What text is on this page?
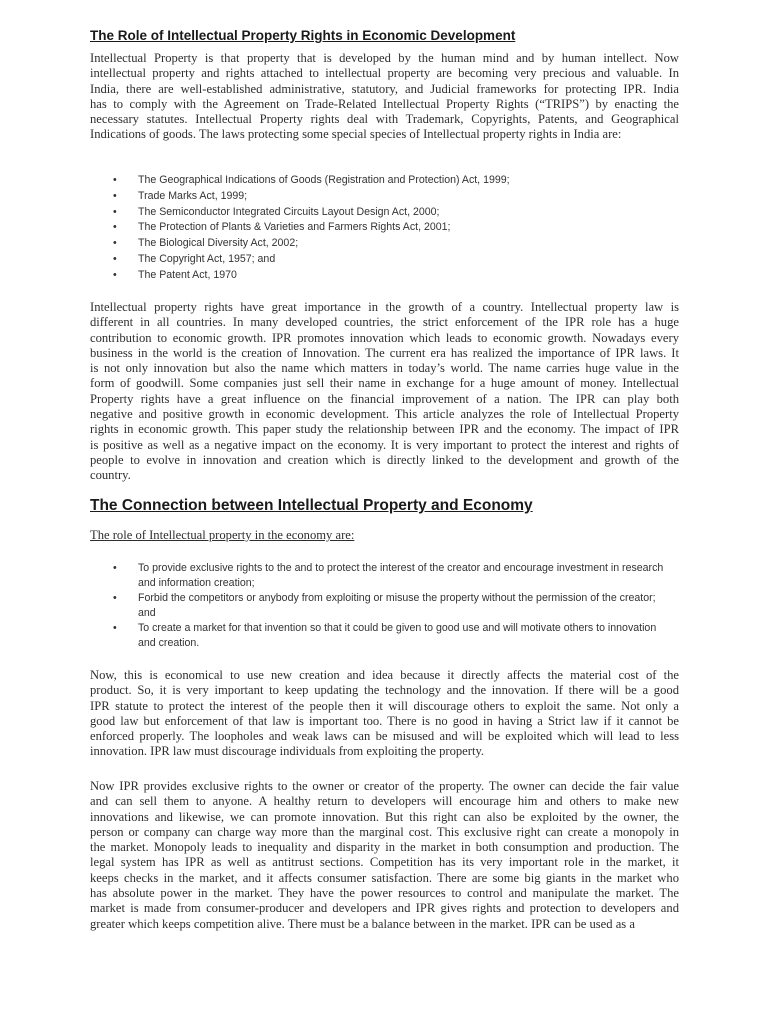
The Role of Intellectual Property Rights in Economic Development
Intellectual Property is that property that is developed by the human mind and by human intellect. Now
intellectual property and rights attached to intellectual property are becoming very precious and valuable. In
India, there are well-established administrative, statutory, and Judicial frameworks for protecting IPR. India
has to comply with the Agreement on Trade-Related Intellectual Property Rights (“TRIPS”) by enacting the
necessary statutes. Intellectual Property rights deal with Trademark, Copyrights, Patents, and Geographical
Indications of goods. The laws protecting some special species of Intellectual property rights in India are:
• The Geographical Indications of Goods (Registration and Protection) Act, 1999;
• Trade Marks Act, 1999;
• The Semiconductor Integrated Circuits Layout Design Act, 2000;
• The Protection of Plants & Varieties and Farmers Rights Act, 2001;
• The Biological Diversity Act, 2002;
• The Copyright Act, 1957; and
• The Patent Act, 1970
Intellectual property rights have great importance in the growth of a country. Intellectual property law is
different in all countries. In many developed countries, the strict enforcement of the IPR role has a huge
contribution to economic growth. IPR promotes innovation which leads to economic growth. Nowadays every
business in the world is the creation of Innovation. The current era has realized the importance of IPR laws. It
is not only innovation but also the name which matters in today’s world. The name carries huge value in the
form of goodwill. Some companies just sell their name in exchange for a huge amount of money. Intellectual
Property rights have a great influence on the financial improvement of a nation. The IPR can play both
negative and positive growth in economic development. This article analyzes the role of Intellectual Property
rights in economic growth. This paper study the relationship between IPR and the economy. The impact of IPR
is positive as well as a negative impact on the economy. It is very important to protect the interest and rights of
people to evolve in innovation and creation which is directly linked to the development and growth of the
country.
The Connection between Intellectual Property and Economy
The role of Intellectual property in the economy are:
• To provide exclusive rights to the and to protect the interest of the creator and encourage investment in research and information creation;
• Forbid the competitors or anybody from exploiting or misuse the property without the permission of the creator; and
• To create a market for that invention so that it could be given to good use and will motivate others to innovation and creation.
Now, this is economical to use new creation and idea because it directly affects the material cost of the
product. So, it is very important to keep updating the technology and the innovation. If there will be a good
IPR statute to protect the interest of the people then it will discourage others to exploit the same. Not only a
good law but enforcement of that law is important too. There is no good in having a Strict law if it cannot be
enforced properly. The loopholes and weak laws can be misused and will be exploited which will lead to less
innovation. IPR law must discourage individuals from exploiting the property.
Now IPR provides exclusive rights to the owner or creator of the property. The owner can decide the fair value
and can sell them to anyone. A healthy return to developers will encourage him and others to make new
innovations and likewise, we can promote innovation. But this right can also be exploited by the owner, the
person or company can charge way more than the marginal cost. This exclusive right can create a monopoly in
the market. Monopoly leads to inequality and disparity in the market in both consumption and production. The
legal system has IPR as well as antitrust sections. Competition has its very important role in the market, it
keeps checks in the market, and it affects consumer satisfaction. There are some big giants in the market who
has absolute power in the market. They have the power resources to control and manipulate the market. The
market is made from consumer-producer and developers and IPR gives rights and protection to developers and
greater which keeps competition alive. There must be a balance between in the market. IPR can be used as a
